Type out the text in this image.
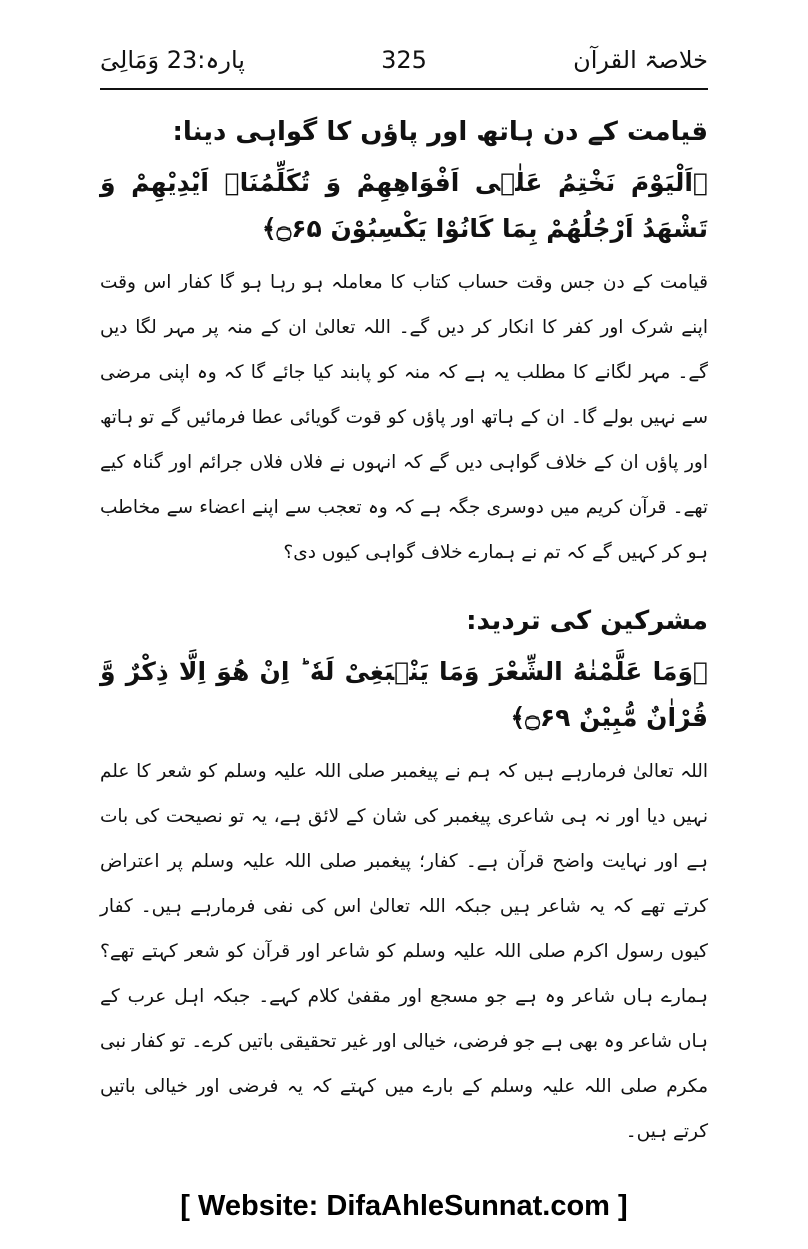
خلاصۃ القرآن
325
پارہ:23 وَمَالِیَ
قیامت کے دن ہاتھ اور پاؤں کا گواہی دینا:
﴿اَلْیَوْمَ نَخْتِمُ عَلٰۤی اَفْوَاهِهِمْ وَ تُكَلِّمُنَاۤ اَیْدِیْهِمْ وَ تَشْهَدُ اَرْجُلُهُمْ بِمَا كَانُوْا یَكْسِبُوْنَ ۝۶۵﴾

قیامت کے دن جس وقت حساب کتاب کا معاملہ ہو رہا ہو گا کفار اس وقت اپنے شرک اور کفر کا انکار کر دیں گے۔ اللہ تعالیٰ ان کے منہ پر مہر لگا دیں گے۔ مہر لگانے کا مطلب یہ ہے کہ منہ کو پابند کیا جائے گا کہ وہ اپنی مرضی سے نہیں بولے گا۔ ان کے ہاتھ اور پاؤں کو قوت گویائی عطا فرمائیں گے تو ہاتھ اور پاؤں ان کے خلاف گواہی دیں گے کہ انہوں نے فلاں فلاں جرائم اور گناہ کیے تھے۔ قرآن کریم میں دوسری جگہ ہے کہ وہ تعجب سے اپنے اعضاء سے مخاطب ہو کر کہیں گے کہ تم نے ہمارے خلاف گواہی کیوں دی؟

مشرکین کی تردید:
﴿وَمَا عَلَّمْنٰهُ الشِّعْرَ وَمَا یَنْۢبَغِیْ لَهٗ ؕ اِنْ هُوَ اِلَّا ذِكْرٌ وَّ قُرْاٰنٌ مُّبِیْنٌ ۝۶۹﴾

اللہ تعالیٰ فرمارہے ہیں کہ ہم نے پیغمبر صلی اللہ علیہ وسلم کو شعر کا علم نہیں دیا اور نہ ہی شاعری پیغمبر کی شان کے لائق ہے، یہ تو نصیحت کی بات ہے اور نہایت واضح قرآن ہے۔ کفار؛ پیغمبر صلی اللہ علیہ وسلم پر اعتراض کرتے تھے کہ یہ شاعر ہیں جبکہ اللہ تعالیٰ اس کی نفی فرمارہے ہیں۔ کفار کیوں رسول اکرم صلی اللہ علیہ وسلم کو شاعر اور قرآن کو شعر کہتے تھے؟ ہمارے ہاں شاعر وہ ہے جو مسجع اور مقفیٰ کلام کہے۔ جبکہ اہل عرب کے ہاں شاعر وہ بھی ہے جو فرضی، خیالی اور غیر تحقیقی باتیں کرے۔ تو کفار نبی مکرم صلی اللہ علیہ وسلم کے بارے میں کہتے کہ یہ فرضی اور خیالی باتیں کرتے ہیں۔

[ Website: DifaAhleSunnat.com ]
